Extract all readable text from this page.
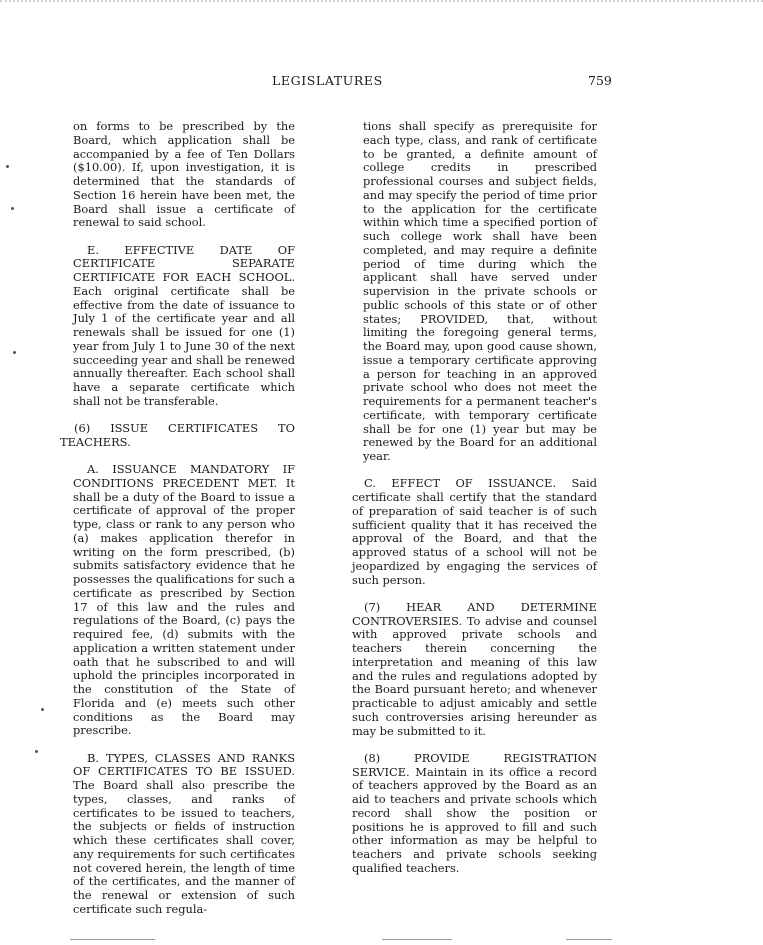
LEGISLATURES	759

on forms to be prescribed by the Board, which application shall be accompanied by a fee of Ten Dollars ($10.00). If, upon investigation, it is determined that the standards of Section 16 herein have been met, the Board shall issue a certificate of renewal to said school.

E. EFFECTIVE DATE OF CERTIFICATE SEPARATE CERTIFICATE FOR EACH SCHOOL. Each original certificate shall be effective from the date of issuance to July 1 of the certificate year and all renewals shall be issued for one (1) year from July 1 to June 30 of the next succeeding year and shall be renewed annually thereafter. Each school shall have a separate certificate which shall not be transferable.

(6) ISSUE CERTIFICATES TO TEACHERS.

A. ISSUANCE MANDATORY IF CONDITIONS PRECEDENT MET. It shall be a duty of the Board to issue a certificate of approval of the proper type, class or rank to any person who (a) makes application therefor in writing on the form prescribed, (b) submits satisfactory evidence that he possesses the qualifications for such a certificate as prescribed by Section 17 of this law and the rules and regulations of the Board, (c) pays the required fee, (d) submits with the application a written statement under oath that he subscribed to and will uphold the principles incorporated in the constitution of the State of Florida and (e) meets such other conditions as the Board may prescribe.

B. TYPES, CLASSES AND RANKS OF CERTIFICATES TO BE ISSUED. The Board shall also prescribe the types, classes, and ranks of certificates to be issued to teachers, the subjects or fields of instruction which these certificates shall cover, any requirements for such certificates not covered herein, the length of time of the certificates, and the manner of the renewal or extension of such certificate such regula-

tions shall specify as prerequisite for each type, class, and rank of certificate to be granted, a definite amount of college credits in prescribed professional courses and subject fields, and may specify the period of time prior to the application for the certificate within which time a specified portion of such college work shall have been completed, and may require a definite period of time during which the applicant shall have served under supervision in the private schools or public schools of this state or of other states; PROVIDED, that, without limiting the foregoing general terms, the Board may, upon good cause shown, issue a temporary certificate approving a person for teaching in an approved private school who does not meet the requirements for a permanent teacher's certificate, with temporary certificate shall be for one (1) year but may be renewed by the Board for an additional year.

C. EFFECT OF ISSUANCE. Said certificate shall certify that the standard of preparation of said teacher is of such sufficient quality that it has received the approval of the Board, and that the approved status of a school will not be jeopardized by engaging the services of such person.

(7) HEAR AND DETERMINE CONTROVERSIES. To advise and counsel with approved private schools and teachers therein concerning the interpretation and meaning of this law and the rules and regulations adopted by the Board pursuant hereto; and whenever practicable to adjust amicably and settle such controversies arising hereunder as may be submitted to it.

(8) PROVIDE REGISTRATION SERVICE. Maintain in its office a record of teachers approved by the Board as an aid to teachers and private schools which record shall show the position or positions he is approved to fill and such other information as may be helpful to teachers and private schools seeking qualified teachers.
